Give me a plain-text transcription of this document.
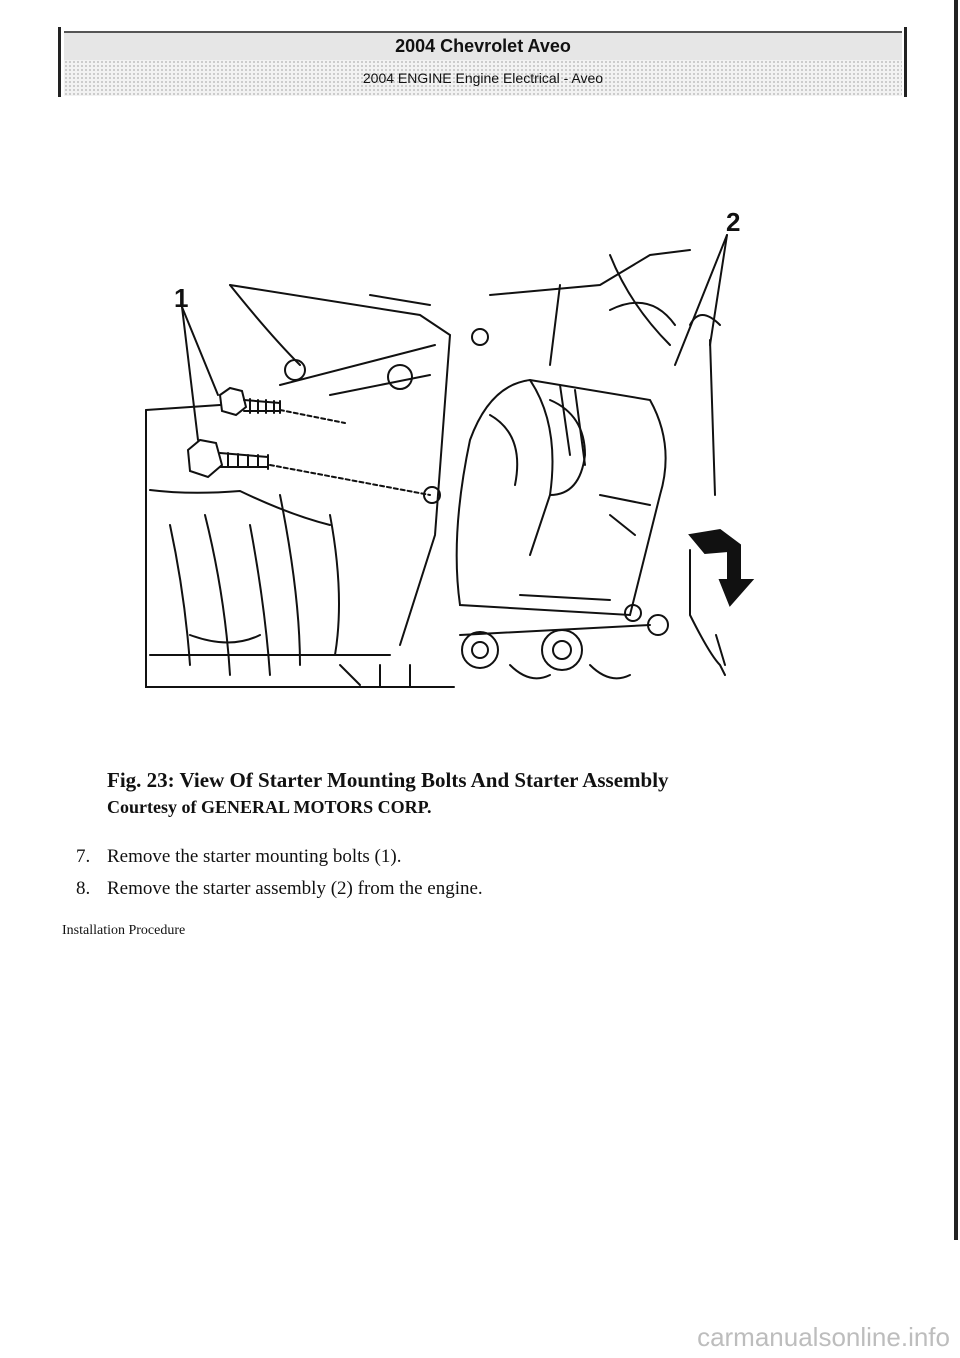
2004 Chevrolet Aveo
2004 ENGINE Engine Electrical - Aveo
1
2
Fig. 23: View Of Starter Mounting Bolts And Starter Assembly
Courtesy of GENERAL MOTORS CORP.
7. Remove the starter mounting bolts (1).
8. Remove the starter assembly (2) from the engine.
Installation Procedure
carmanualsonline.info
